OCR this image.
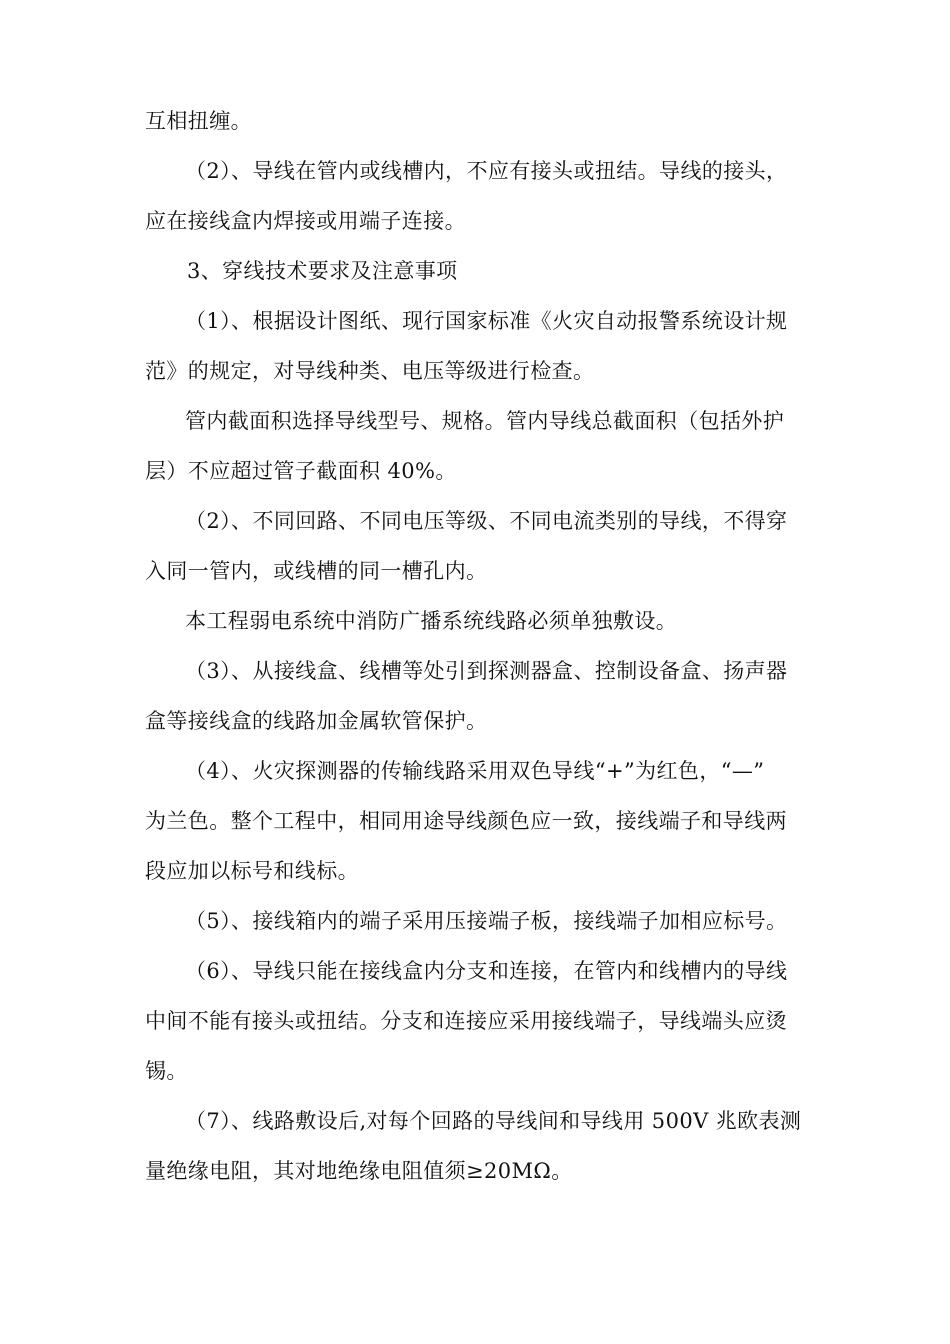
互相扭缠。
（2）、导线在管内或线槽内，不应有接头或扭结。导线的接头，
应在接线盒内焊接或用端子连接。
3、穿线技术要求及注意事项
（1）、根据设计图纸、现行国家标准《火灾自动报警系统设计规
范》的规定，对导线种类、电压等级进行检查。
管内截面积选择导线型号、规格。管内导线总截面积（包括外护
层）不应超过管子截面积 40%。
（2）、不同回路、不同电压等级、不同电流类别的导线，不得穿
入同一管内，或线槽的同一槽孔内。
本工程弱电系统中消防广播系统线路必须单独敷设。
（3）、从接线盒、线槽等处引到探测器盒、控制设备盒、扬声器
盒等接线盒的线路加金属软管保护。
（4）、火灾探测器的传输线路采用双色导线“+”为红色，“—”
为兰色。整个工程中，相同用途导线颜色应一致，接线端子和导线两
段应加以标号和线标。
（5）、接线箱内的端子采用压接端子板，接线端子加相应标号。
（6）、导线只能在接线盒内分支和连接，在管内和线槽内的导线
中间不能有接头或扭结。分支和连接应采用接线端子，导线端头应烫
锡。
（7）、线路敷设后,对每个回路的导线间和导线用 500V 兆欧表测
量绝缘电阻，其对地绝缘电阻值须≥20MΩ。
